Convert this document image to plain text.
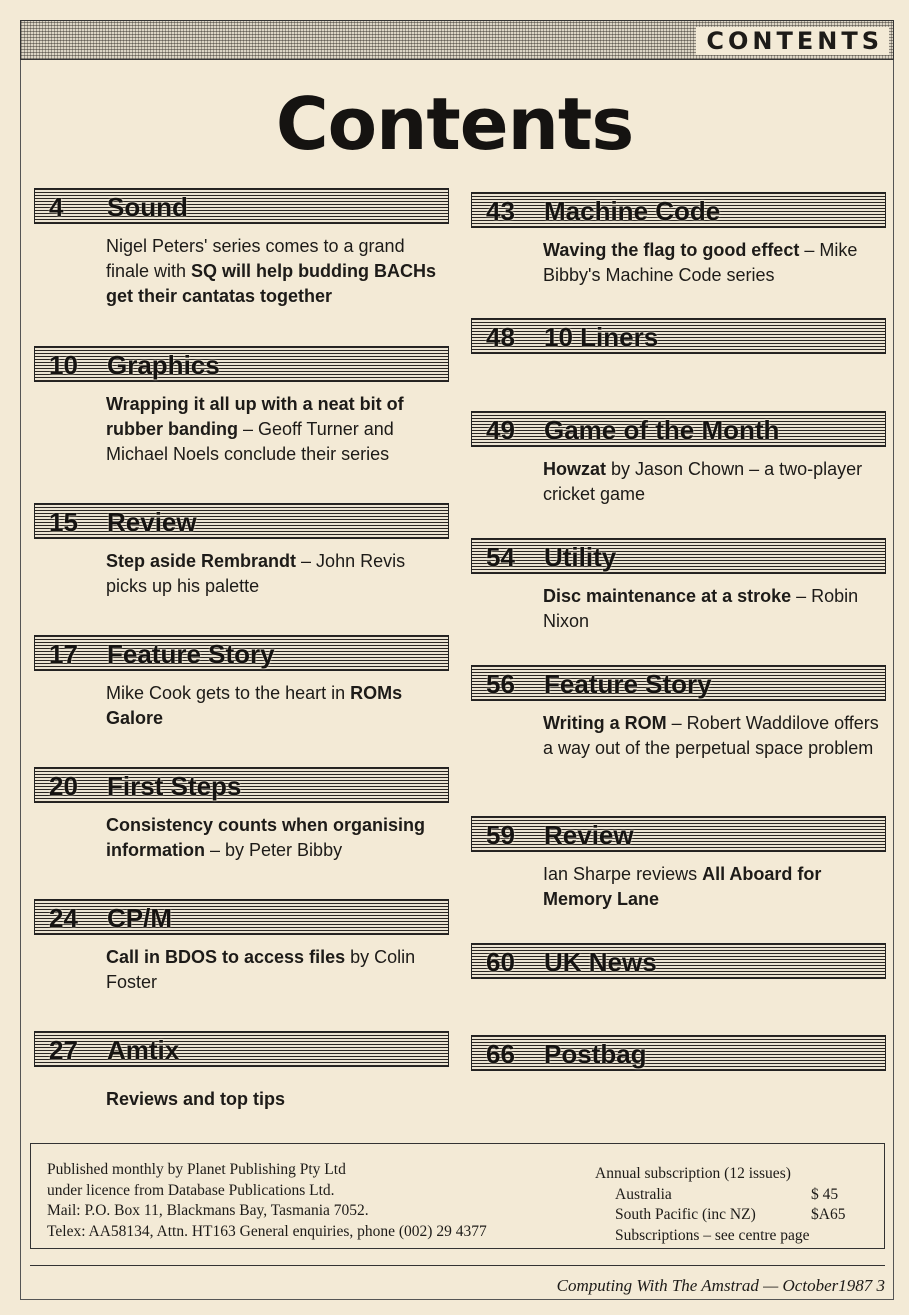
CONTENTS
Contents
4 Sound
Nigel Peters' series comes to a grand finale with SQ will help budding BACHs get their cantatas together
10 Graphics
Wrapping it all up with a neat bit of rubber banding – Geoff Turner and Michael Noels conclude their series
15 Review
Step aside Rembrandt – John Revis picks up his palette
17 Feature Story
Mike Cook gets to the heart in ROMs Galore
20 First Steps
Consistency counts when organising information – by Peter Bibby
24 CP/M
Call in BDOS to access files by Colin Foster
27 Amtix
Reviews and top tips
43 Machine Code
Waving the flag to good effect – Mike Bibby's Machine Code series
48 10 Liners
49 Game of the Month
Howzat by Jason Chown – a two-player cricket game
54 Utility
Disc maintenance at a stroke – Robin Nixon
56 Feature Story
Writing a ROM – Robert Waddilove offers a way out of the perpetual space problem
59 Review
Ian Sharpe reviews All Aboard for Memory Lane
60 UK News
66 Postbag
Published monthly by Planet Publishing Pty Ltd
under licence from Database Publications Ltd.
Mail: P.O. Box 11, Blackmans Bay, Tasmania 7052.
Telex: AA58134, Attn. HT163 General enquiries, phone (002) 29 4377
Annual subscription (12 issues)
Australia	$ 45
South Pacific (inc NZ)	$A65
Subscriptions – see centre page
Computing With The Amstrad — October1987 3
